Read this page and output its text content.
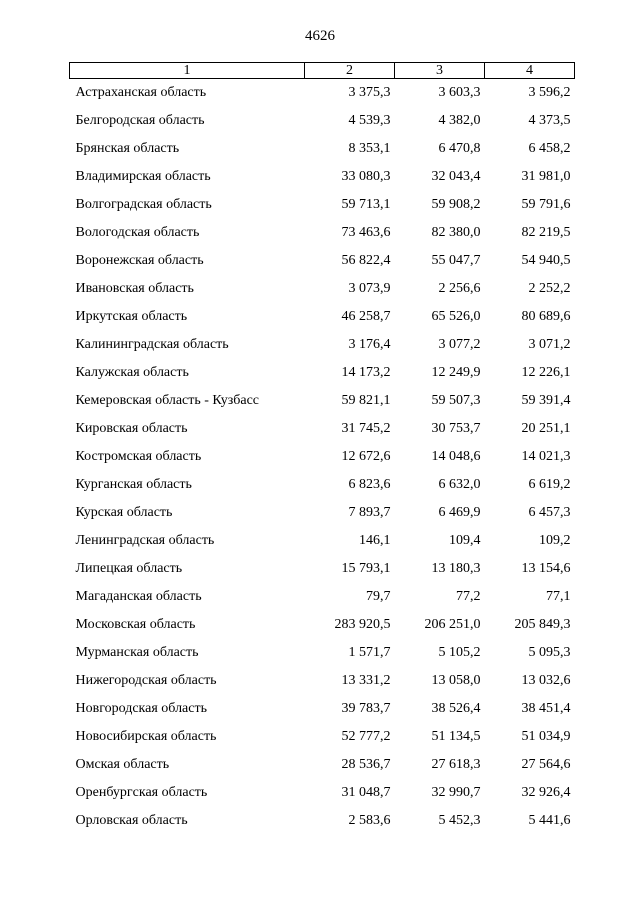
4626
1	2	3	4
Астраханская область	3 375,3	3 603,3	3 596,2
Белгородская область	4 539,3	4 382,0	4 373,5
Брянская область	8 353,1	6 470,8	6 458,2
Владимирская область	33 080,3	32 043,4	31 981,0
Волгоградская область	59 713,1	59 908,2	59 791,6
Вологодская область	73 463,6	82 380,0	82 219,5
Воронежская область	56 822,4	55 047,7	54 940,5
Ивановская область	3 073,9	2 256,6	2 252,2
Иркутская область	46 258,7	65 526,0	80 689,6
Калининградская область	3 176,4	3 077,2	3 071,2
Калужская область	14 173,2	12 249,9	12 226,1
Кемеровская область - Кузбасс	59 821,1	59 507,3	59 391,4
Кировская область	31 745,2	30 753,7	20 251,1
Костромская область	12 672,6	14 048,6	14 021,3
Курганская область	6 823,6	6 632,0	6 619,2
Курская область	7 893,7	6 469,9	6 457,3
Ленинградская область	146,1	109,4	109,2
Липецкая область	15 793,1	13 180,3	13 154,6
Магаданская область	79,7	77,2	77,1
Московская область	283 920,5	206 251,0	205 849,3
Мурманская область	1 571,7	5 105,2	5 095,3
Нижегородская область	13 331,2	13 058,0	13 032,6
Новгородская область	39 783,7	38 526,4	38 451,4
Новосибирская область	52 777,2	51 134,5	51 034,9
Омская область	28 536,7	27 618,3	27 564,6
Оренбургская область	31 048,7	32 990,7	32 926,4
Орловская область	2 583,6	5 452,3	5 441,6
